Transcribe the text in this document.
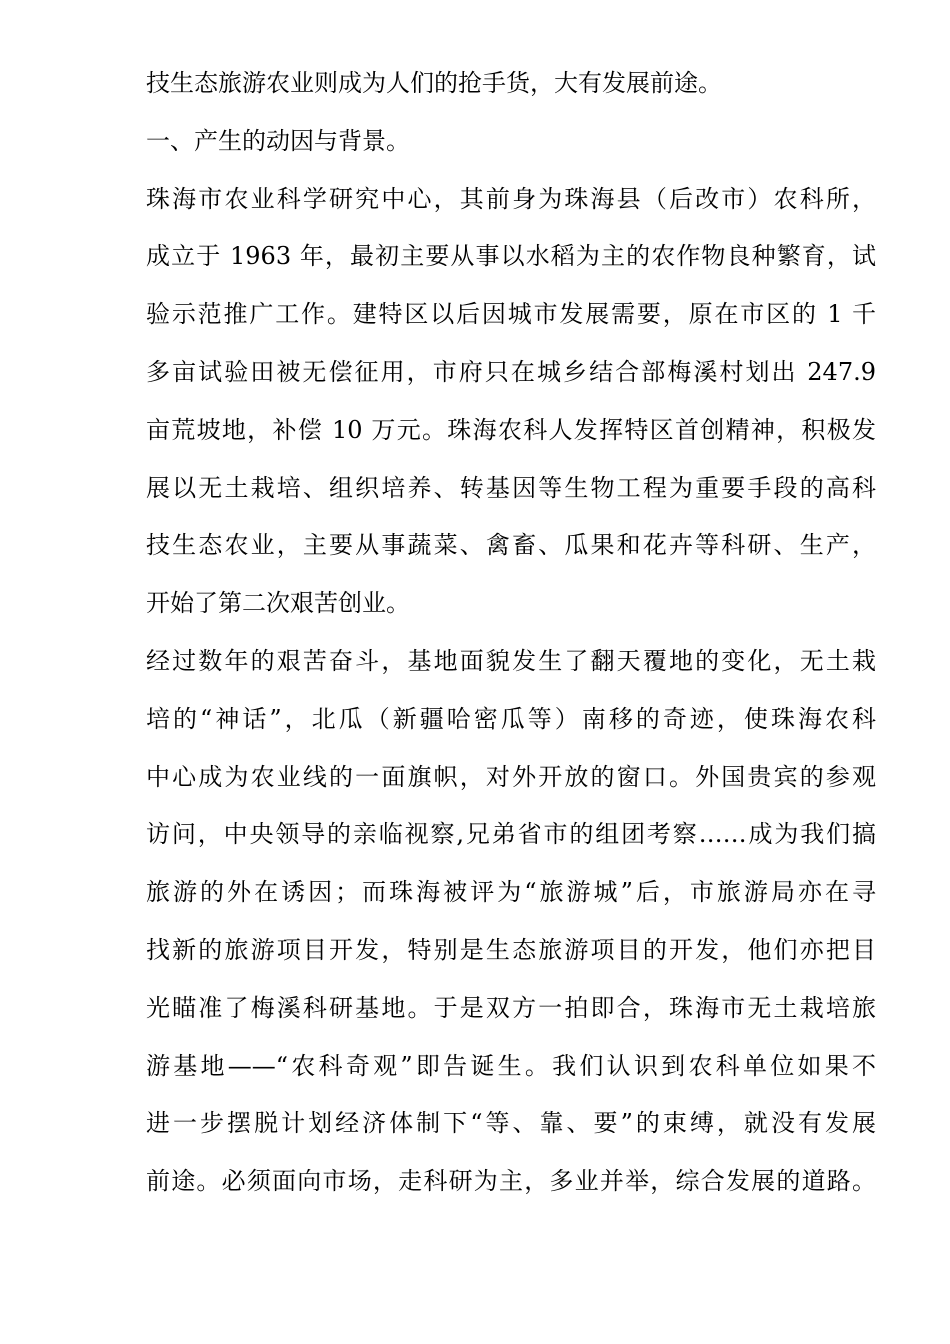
技生态旅游农业则成为人们的抢手货，大有发展前途。
一、产生的动因与背景。
珠海市农业科学研究中心，其前身为珠海县（后改市）农科所，
成立于 1963 年，最初主要从事以水稻为主的农作物良种繁育，试
验示范推广工作。建特区以后因城市发展需要，原在市区的 1 千
多亩试验田被无偿征用，市府只在城乡结合部梅溪村划出 247.9
亩荒坡地，补偿 10 万元。珠海农科人发挥特区首创精神，积极发
展以无土栽培、组织培养、转基因等生物工程为重要手段的高科
技生态农业，主要从事蔬菜、禽畜、瓜果和花卉等科研、生产，
开始了第二次艰苦创业。
经过数年的艰苦奋斗，基地面貌发生了翻天覆地的变化，无土栽
培的“神话”，北瓜（新疆哈密瓜等）南移的奇迹，使珠海农科
中心成为农业线的一面旗帜，对外开放的窗口。外国贵宾的参观
访问，中央领导的亲临视察,兄弟省市的组团考察……成为我们搞
旅游的外在诱因；而珠海被评为“旅游城”后，市旅游局亦在寻
找新的旅游项目开发，特别是生态旅游项目的开发，他们亦把目
光瞄准了梅溪科研基地。于是双方一拍即合，珠海市无土栽培旅
游基地——“农科奇观”即告诞生。我们认识到农科单位如果不
进一步摆脱计划经济体制下“等、靠、要”的束缚，就没有发展
前途。必须面向市场，走科研为主，多业并举，综合发展的道路。
